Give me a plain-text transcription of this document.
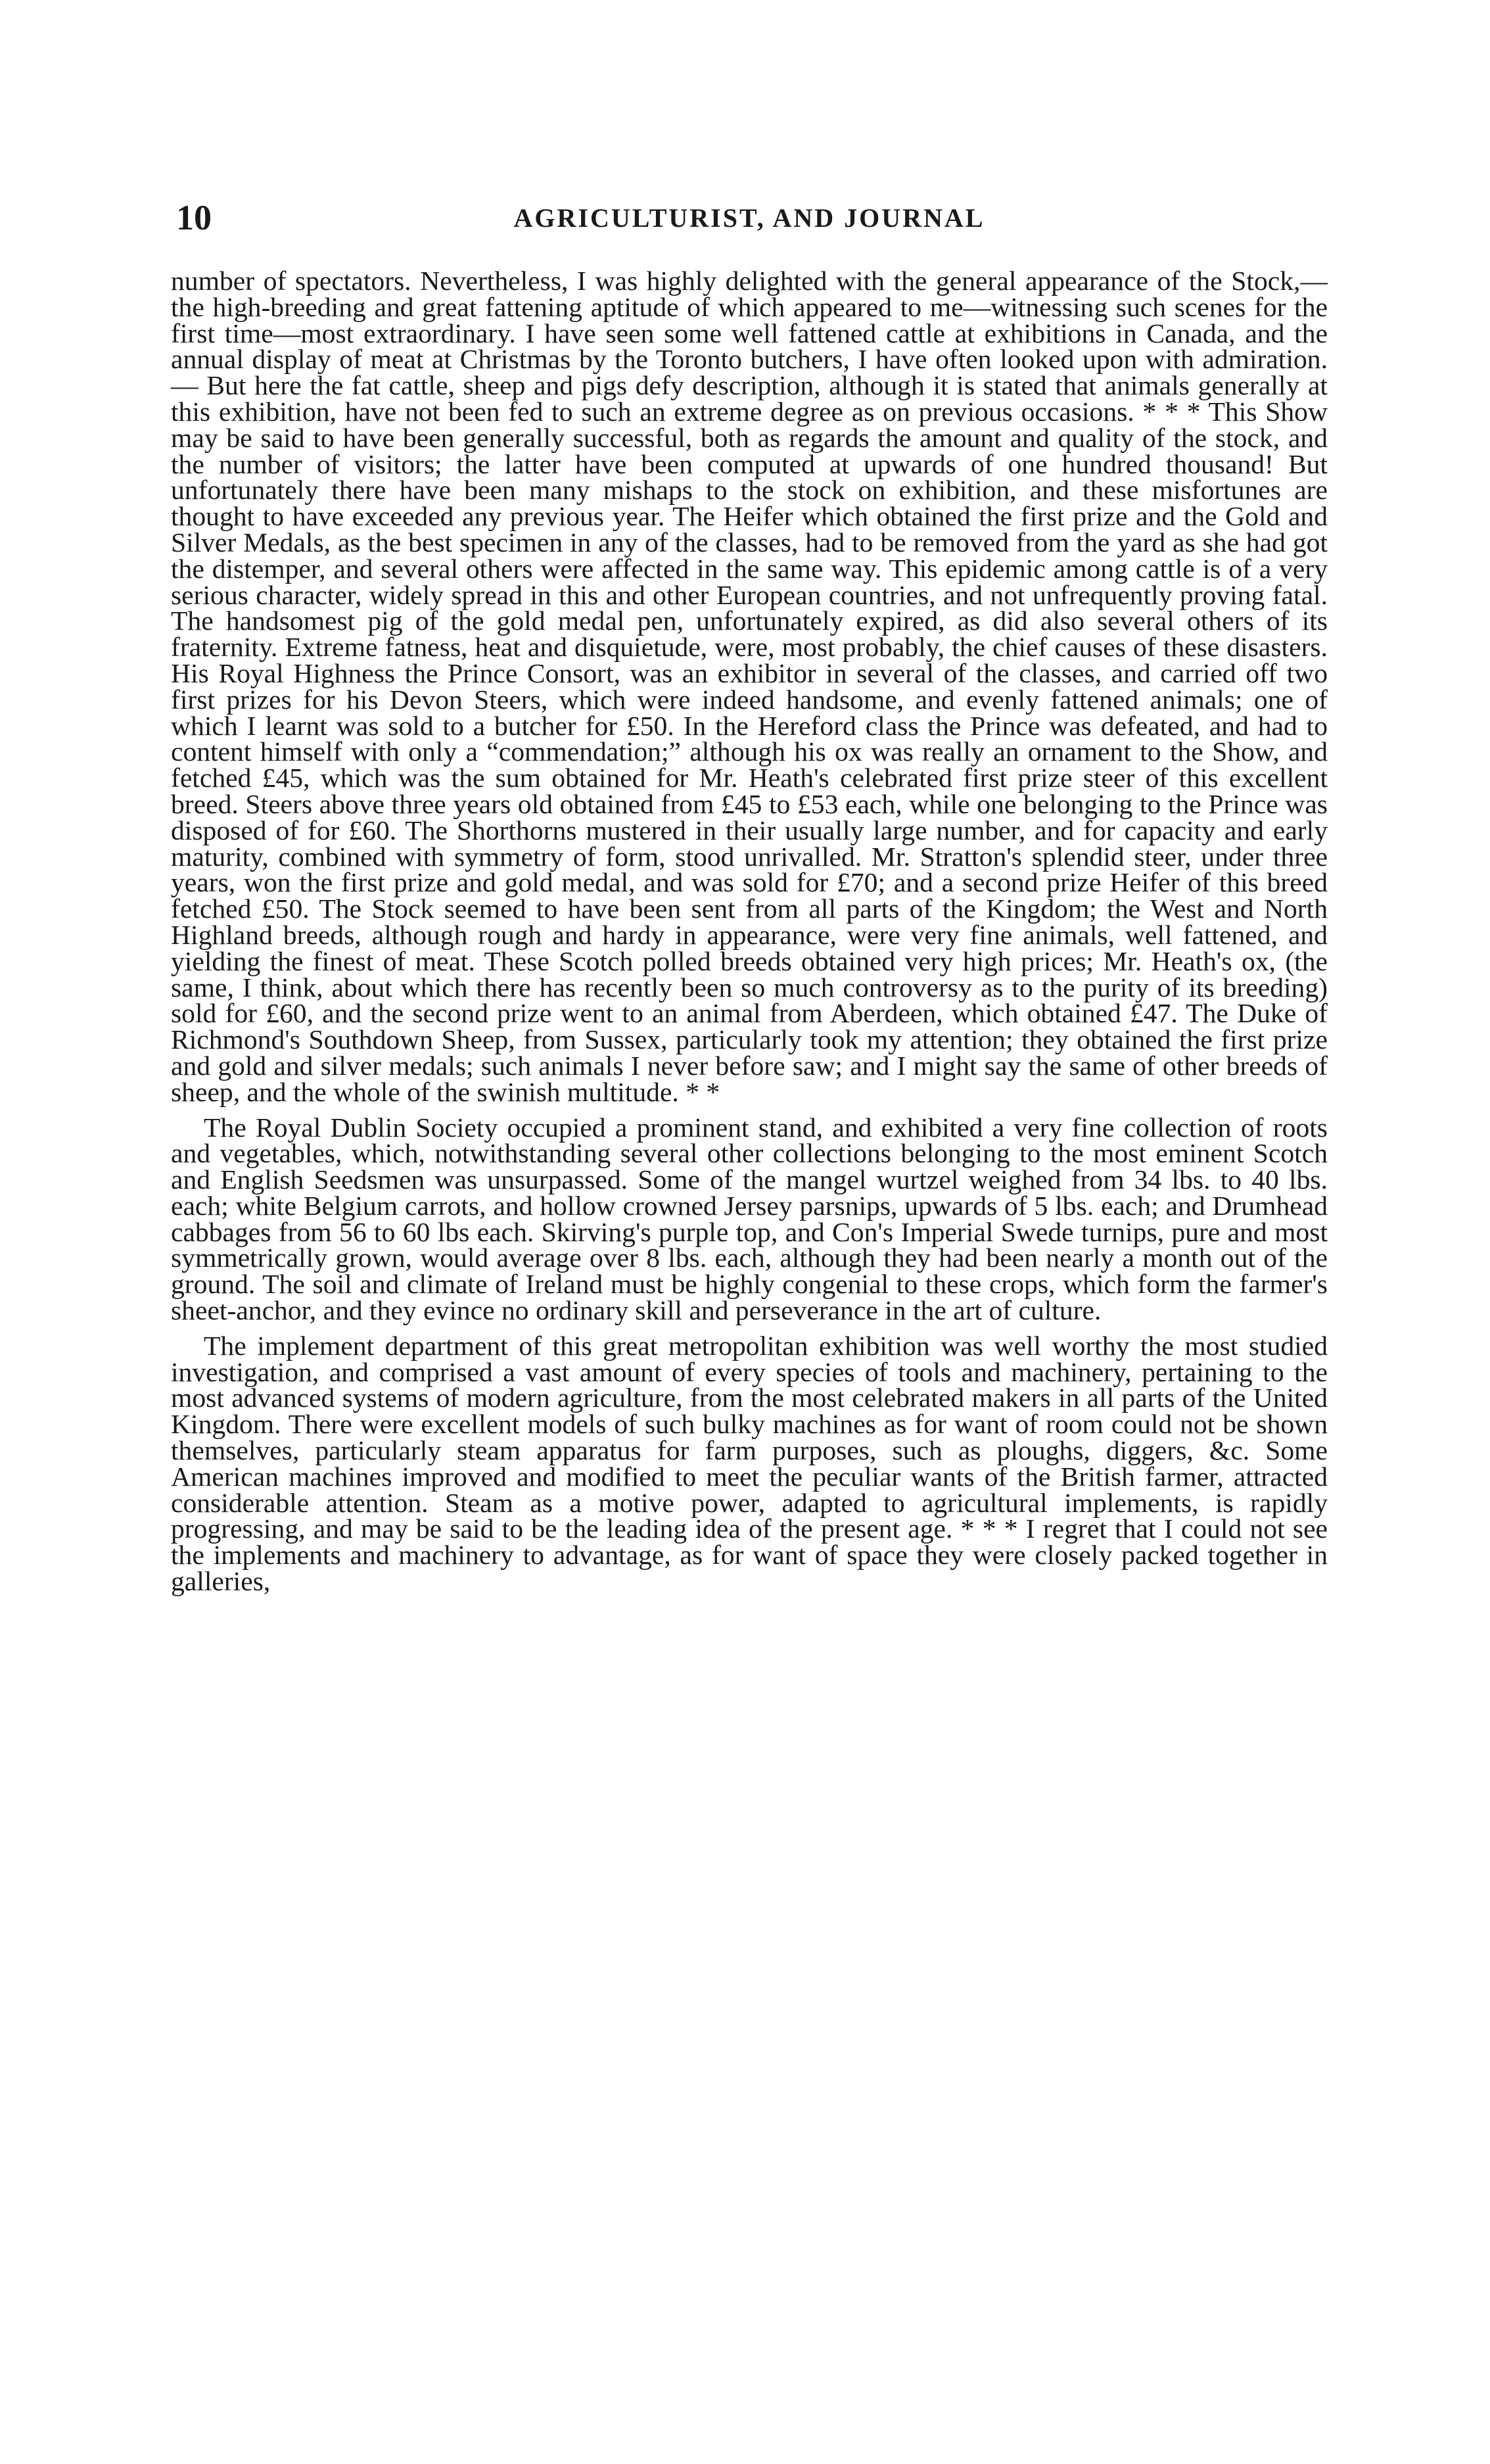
10	AGRICULTURIST, AND JOURNAL

number of spectators. Nevertheless, I was highly delighted with the general appearance of the Stock,—the high-breeding and great fattening aptitude of which appeared to me—witnessing such scenes for the first time—most extraordinary. I have seen some well fattened cattle at exhibitions in Canada, and the annual display of meat at Christmas by the Toronto butchers, I have often looked upon with admiration.— But here the fat cattle, sheep and pigs defy description, although it is stated that animals generally at this exhibition, have not been fed to such an extreme degree as on previous occasions. * * * This Show may be said to have been generally successful, both as regards the amount and quality of the stock, and the number of visitors; the latter have been computed at upwards of one hundred thousand! But unfortunately there have been many mishaps to the stock on exhibition, and these misfortunes are thought to have exceeded any previous year. The Heifer which obtained the first prize and the Gold and Silver Medals, as the best specimen in any of the classes, had to be removed from the yard as she had got the distemper, and several others were affected in the same way. This epidemic among cattle is of a very serious character, widely spread in this and other European countries, and not unfrequently proving fatal. The handsomest pig of the gold medal pen, unfortunately expired, as did also several others of its fraternity. Extreme fatness, heat and disquietude, were, most probably, the chief causes of these disasters. His Royal Highness the Prince Consort, was an exhibitor in several of the classes, and carried off two first prizes for his Devon Steers, which were indeed handsome, and evenly fattened animals; one of which I learnt was sold to a butcher for £50. In the Hereford class the Prince was defeated, and had to content himself with only a “commendation;” although his ox was really an ornament to the Show, and fetched £45, which was the sum obtained for Mr. Heath's celebrated first prize steer of this excellent breed. Steers above three years old obtained from £45 to £53 each, while one belonging to the Prince was disposed of for £60. The Shorthorns mustered in their usually large number, and for capacity and early maturity, combined with symmetry of form, stood unrivalled. Mr. Stratton's splendid steer, under three years, won the first prize and gold medal, and was sold for £70; and a second prize Heifer of this breed fetched £50. The Stock seemed to have been sent from all parts of the Kingdom; the West and North Highland breeds, although rough and hardy in appearance, were very fine animals, well fattened, and yielding the finest of meat. These Scotch polled breeds obtained very high prices; Mr. Heath's ox, (the same, I think, about which there has recently been so much controversy as to the purity of its breeding) sold for £60, and the second prize went to an animal from Aberdeen, which obtained £47. The Duke of Richmond's Southdown Sheep, from Sussex, particularly took my attention; they obtained the first prize and gold and silver medals; such animals I never before saw; and I might say the same of other breeds of sheep, and the whole of the swinish multitude. * *

The Royal Dublin Society occupied a prominent stand, and exhibited a very fine collection of roots and vegetables, which, notwithstanding several other collections belonging to the most eminent Scotch and English Seedsmen was unsurpassed. Some of the mangel wurtzel weighed from 34 lbs. to 40 lbs. each; white Belgium carrots, and hollow crowned Jersey parsnips, upwards of 5 lbs. each; and Drumhead cabbages from 56 to 60 lbs each. Skirving's purple top, and Con's Imperial Swede turnips, pure and most symmetrically grown, would average over 8 lbs. each, although they had been nearly a month out of the ground. The soil and climate of Ireland must be highly congenial to these crops, which form the farmer's sheet-anchor, and they evince no ordinary skill and perseverance in the art of culture.

The implement department of this great metropolitan exhibition was well worthy the most studied investigation, and comprised a vast amount of every species of tools and machinery, pertaining to the most advanced systems of modern agriculture, from the most celebrated makers in all parts of the United Kingdom. There were excellent models of such bulky machines as for want of room could not be shown themselves, particularly steam apparatus for farm purposes, such as ploughs, diggers, &c. Some American machines improved and modified to meet the peculiar wants of the British farmer, attracted considerable attention. Steam as a motive power, adapted to agricultural implements, is rapidly progressing, and may be said to be the leading idea of the present age. * * * I regret that I could not see the implements and machinery to advantage, as for want of space they were closely packed together in galleries,
